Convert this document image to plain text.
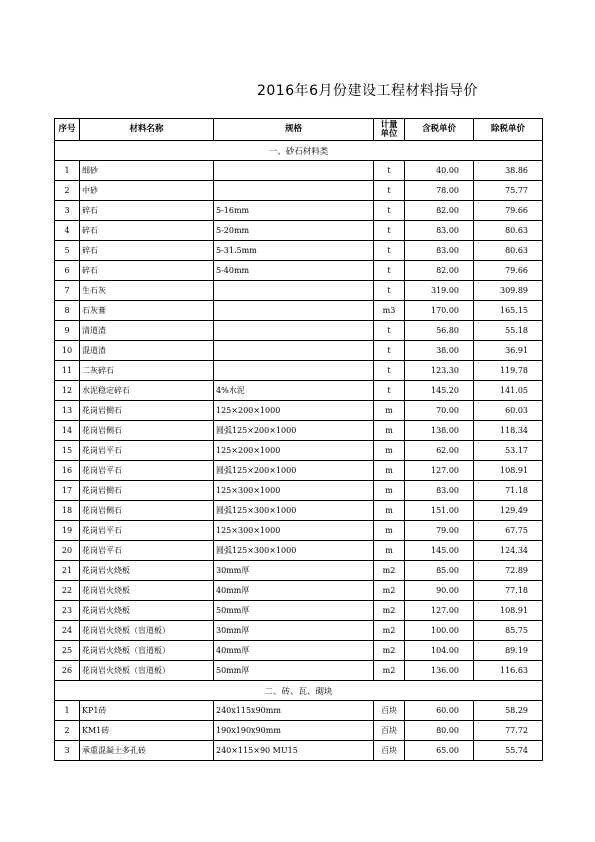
2016年6月份建设工程材料指导价
序号	材料名称	规格	计量单位	含税单价	除税单价
一、砂石材料类					
1	细砂		t	40.00	38.86
2	中砂		t	78.00	75.77
3	碎石	5-16mm	t	82.00	79.66
4	碎石	5-20mm	t	83.00	80.63
5	碎石	5-31.5mm	t	83.00	80.63
6	碎石	5-40mm	t	82.00	79.66
7	生石灰		t	319.00	309.89
8	石灰膏		m3	170.00	165.15
9	清道渣		t	56.80	55.18
10	混道渣		t	38.00	36.91
11	二灰碎石		t	123.30	119.78
12	水泥稳定碎石	4%水泥	t	145.20	141.05
13	花岗岩侧石	125×200×1000	m	70.00	60.03
14	花岗岩侧石	圆弧125×200×1000	m	138.00	118.34
15	花岗岩平石	125×200×1000	m	62.00	53.17
16	花岗岩平石	圆弧125×200×1000	m	127.00	108.91
17	花岗岩侧石	125×300×1000	m	83.00	71.18
18	花岗岩侧石	圆弧125×300×1000	m	151.00	129.49
19	花岗岩平石	125×300×1000	m	79.00	67.75
20	花岗岩平石	圆弧125×300×1000	m	145.00	124.34
21	花岗岩火烧板	30mm厚	m2	85.00	72.89
22	花岗岩火烧板	40mm厚	m2	90.00	77.18
23	花岗岩火烧板	50mm厚	m2	127.00	108.91
24	花岗岩火烧板（盲道板）	30mm厚	m2	100.00	85.75
25	花岗岩火烧板（盲道板）	40mm厚	m2	104.00	89.19
26	花岗岩火烧板（盲道板）	50mm厚	m2	136.00	116.63
二、砖、瓦、砌块					
1	KP1砖	240x115x90mm	百块	60.00	58.29
2	KM1砖	190x190x90mm	百块	80.00	77.72
3	承重混凝土多孔砖	240×115×90 MU15	百块	65.00	55.74
